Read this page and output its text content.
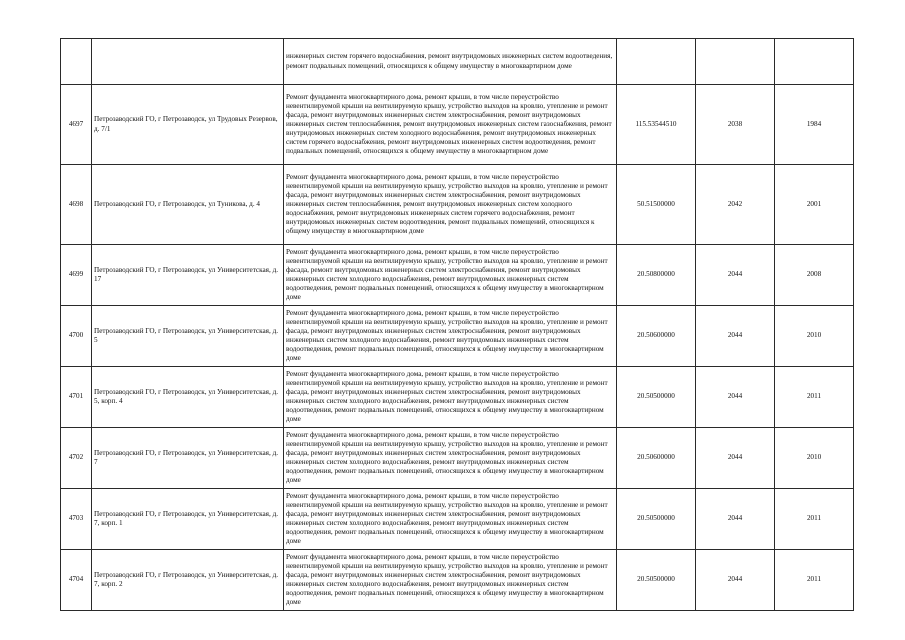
		инженерных систем горячего водоснабжения, ремонт внутридомовых инженерных систем водоотведения, ремонт подвальных помещений, относящихся к общему имуществу в многоквартирном доме			

4697	Петрозаводский ГО, г Петрозаводск, ул Трудовых Резервов, д. 7/1	Ремонт фундамента многоквартирного дома, ремонт крыши, в том числе переустройство невентилируемой крыши на вентилируемую крышу, устройство выходов на кровлю, утепление и ремонт фасада, ремонт внутридомовых инженерных систем электроснабжения, ремонт внутридомовых инженерных систем теплоснабжения, ремонт внутридомовых инженерных систем газоснабжения, ремонт внутридомовых инженерных систем холодного водоснабжения, ремонт внутридомовых инженерных систем горячего водоснабжения, ремонт внутридомовых инженерных систем водоотведения, ремонт подвальных помещений, относящихся к общему имуществу в многоквартирном доме	115.53544510	2038	1984
4698	Петрозаводский ГО, г Петрозаводск, ул Туникова, д. 4	Ремонт фундамента многоквартирного дома, ремонт крыши, в том числе переустройство невентилируемой крыши на вентилируемую крышу, устройство выходов на кровлю, утепление и ремонт фасада, ремонт внутридомовых инженерных систем электроснабжения, ремонт внутридомовых инженерных систем теплоснабжения, ремонт внутридомовых инженерных систем холодного водоснабжения, ремонт внутридомовых инженерных систем горячего водоснабжения, ремонт внутридомовых инженерных систем водоотведения, ремонт подвальных помещений, относящихся к общему имуществу в многоквартирном доме	50.51500000	2042	2001
4699	Петрозаводский ГО, г Петрозаводск, ул Университетская, д. 17	Ремонт фундамента многоквартирного дома, ремонт крыши, в том числе переустройство невентилируемой крыши на вентилируемую крышу, устройство выходов на кровлю, утепление и ремонт фасада, ремонт внутридомовых инженерных систем электроснабжения, ремонт внутридомовых инженерных систем холодного водоснабжения, ремонт внутридомовых инженерных систем водоотведения, ремонт подвальных помещений, относящихся к общему имуществу в многоквартирном доме	20.50800000	2044	2008
4700	Петрозаводский ГО, г Петрозаводск, ул Университетская, д. 5	Ремонт фундамента многоквартирного дома, ремонт крыши, в том числе переустройство невентилируемой крыши на вентилируемую крышу, устройство выходов на кровлю, утепление и ремонт фасада, ремонт внутридомовых инженерных систем электроснабжения, ремонт внутридомовых инженерных систем холодного водоснабжения, ремонт внутридомовых инженерных систем водоотведения, ремонт подвальных помещений, относящихся к общему имуществу в многоквартирном доме	20.50600000	2044	2010
4701	Петрозаводский ГО, г Петрозаводск, ул Университетская, д. 5, корп. 4	Ремонт фундамента многоквартирного дома, ремонт крыши, в том числе переустройство невентилируемой крыши на вентилируемую крышу, устройство выходов на кровлю, утепление и ремонт фасада, ремонт внутридомовых инженерных систем электроснабжения, ремонт внутридомовых инженерных систем холодного водоснабжения, ремонт внутридомовых инженерных систем водоотведения, ремонт подвальных помещений, относящихся к общему имуществу в многоквартирном доме	20.50500000	2044	2011
4702	Петрозаводский ГО, г Петрозаводск, ул Университетская, д. 7	Ремонт фундамента многоквартирного дома, ремонт крыши, в том числе переустройство невентилируемой крыши на вентилируемую крышу, устройство выходов на кровлю, утепление и ремонт фасада, ремонт внутридомовых инженерных систем электроснабжения, ремонт внутридомовых инженерных систем холодного водоснабжения, ремонт внутридомовых инженерных систем водоотведения, ремонт подвальных помещений, относящихся к общему имуществу в многоквартирном доме	20.50600000	2044	2010
4703	Петрозаводский ГО, г Петрозаводск, ул Университетская, д. 7, корп. 1	Ремонт фундамента многоквартирного дома, ремонт крыши, в том числе переустройство невентилируемой крыши на вентилируемую крышу, устройство выходов на кровлю, утепление и ремонт фасада, ремонт внутридомовых инженерных систем электроснабжения, ремонт внутридомовых инженерных систем холодного водоснабжения, ремонт внутридомовых инженерных систем водоотведения, ремонт подвальных помещений, относящихся к общему имуществу в многоквартирном доме	20.50500000	2044	2011
4704	Петрозаводский ГО, г Петрозаводск, ул Университетская, д. 7, корп. 2	Ремонт фундамента многоквартирного дома, ремонт крыши, в том числе переустройство невентилируемой крыши на вентилируемую крышу, устройство выходов на кровлю, утепление и ремонт фасада, ремонт внутридомовых инженерных систем электроснабжения, ремонт внутридомовых инженерных систем холодного водоснабжения, ремонт внутридомовых инженерных систем водоотведения, ремонт подвальных помещений, относящихся к общему имуществу в многоквартирном доме	20.50500000	2044	2011
